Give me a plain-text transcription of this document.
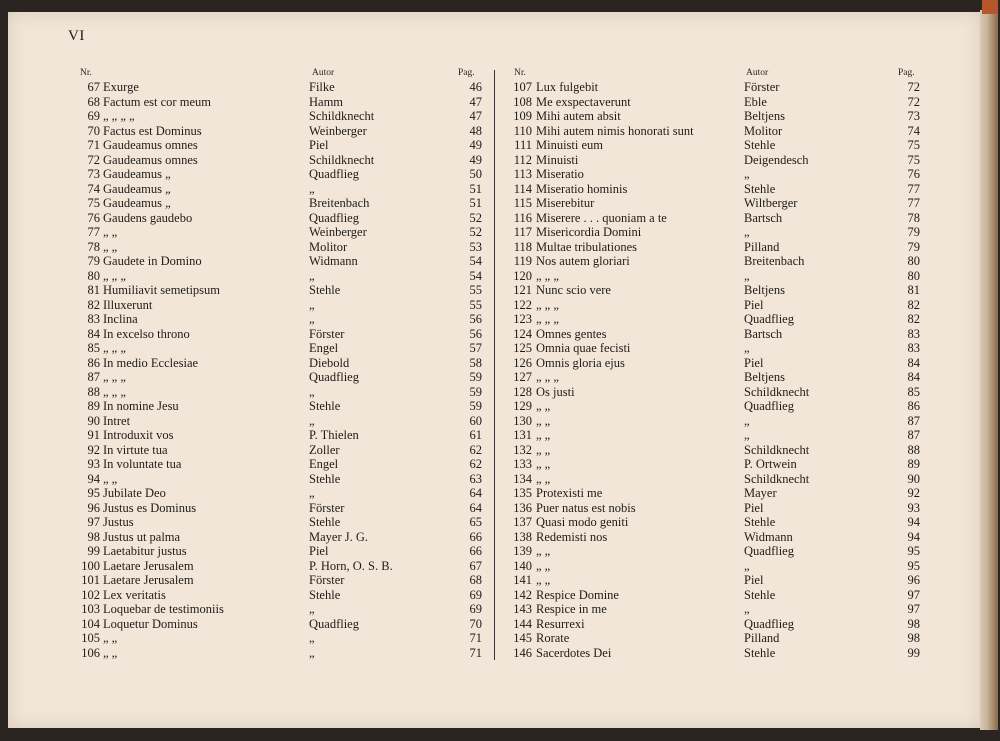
VI
Nr.	Autor	Pag.
67 Exurge	Filke	46
68 Factum est cor meum	Hamm	47
69 „ „ „ „	Schildknecht	47
70 Factus est Dominus	Weinberger	48
71 Gaudeamus omnes	Piel	49
72 Gaudeamus omnes	Schildknecht	49
73 Gaudeamus „	Quadflieg	50
74 Gaudeamus „	„	51
75 Gaudeamus „	Breitenbach	51
76 Gaudens gaudebo	Quadflieg	52
77 „ „	Weinberger	52
78 „ „	Molitor	53
79 Gaudete in Domino	Widmann	54
80 „ „ „	„	54
81 Humiliavit semetipsum	Stehle	55
82 Illuxerunt	„	55
83 Inclina	„	56
84 In excelso throno	Förster	56
85 „ „ „	Engel	57
86 In medio Ecclesiae	Diebold	58
87 „ „ „	Quadflieg	59
88 „ „ „	„	59
89 In nomine Jesu	Stehle	59
90 Intret	„	60
91 Introduxit vos	P. Thielen	61
92 In virtute tua	Zoller	62
93 In voluntate tua	Engel	62
94 „ „	Stehle	63
95 Jubilate Deo	„	64
96 Justus es Dominus	Förster	64
97 Justus	Stehle	65
98 Justus ut palma	Mayer J. G.	66
99 Laetabitur justus	Piel	66
100 Laetare Jerusalem	P. Horn, O. S. B.	67
101 Laetare Jerusalem	Förster	68
102 Lex veritatis	Stehle	69
103 Loquebar de testimoniis	„	69
104 Loquetur Dominus	Quadflieg	70
105 „ „	„	71
106 „ „	„	71
Nr.	Autor	Pag.
107 Lux fulgebit	Förster	72
108 Me exspectaverunt	Eble	72
109 Mihi autem absit	Beltjens	73
110 Mihi autem nimis honorati sunt	Molitor	74
111 Minuisti eum	Stehle	75
112 Minuisti	Deigendesch	75
113 Miseratio	„	76
114 Miseratio hominis	Stehle	77
115 Miserebitur	Wiltberger	77
116 Miserere . . . quoniam a te	Bartsch	78
117 Misericordia Domini	„	79
118 Multae tribulationes	Pilland	79
119 Nos autem gloriari	Breitenbach	80
120 „ „ „	„	80
121 Nunc scio vere	Beltjens	81
122 „ „ „	Piel	82
123 „ „ „	Quadflieg	82
124 Omnes gentes	Bartsch	83
125 Omnia quae fecisti	„	83
126 Omnis gloria ejus	Piel	84
127 „ „ „	Beltjens	84
128 Os justi	Schildknecht	85
129 „ „	Quadflieg	86
130 „ „	„	87
131 „ „	„	87
132 „ „	Schildknecht	88
133 „ „	P. Ortwein	89
134 „ „	Schildknecht	90
135 Protexisti me	Mayer	92
136 Puer natus est nobis	Piel	93
137 Quasi modo geniti	Stehle	94
138 Redemisti nos	Widmann	94
139 „ „	Quadflieg	95
140 „ „	„	95
141 „ „	Piel	96
142 Respice Domine	Stehle	97
143 Respice in me	„	97
144 Resurrexi	Quadflieg	98
145 Rorate	Pilland	98
146 Sacerdotes Dei	Stehle	99
